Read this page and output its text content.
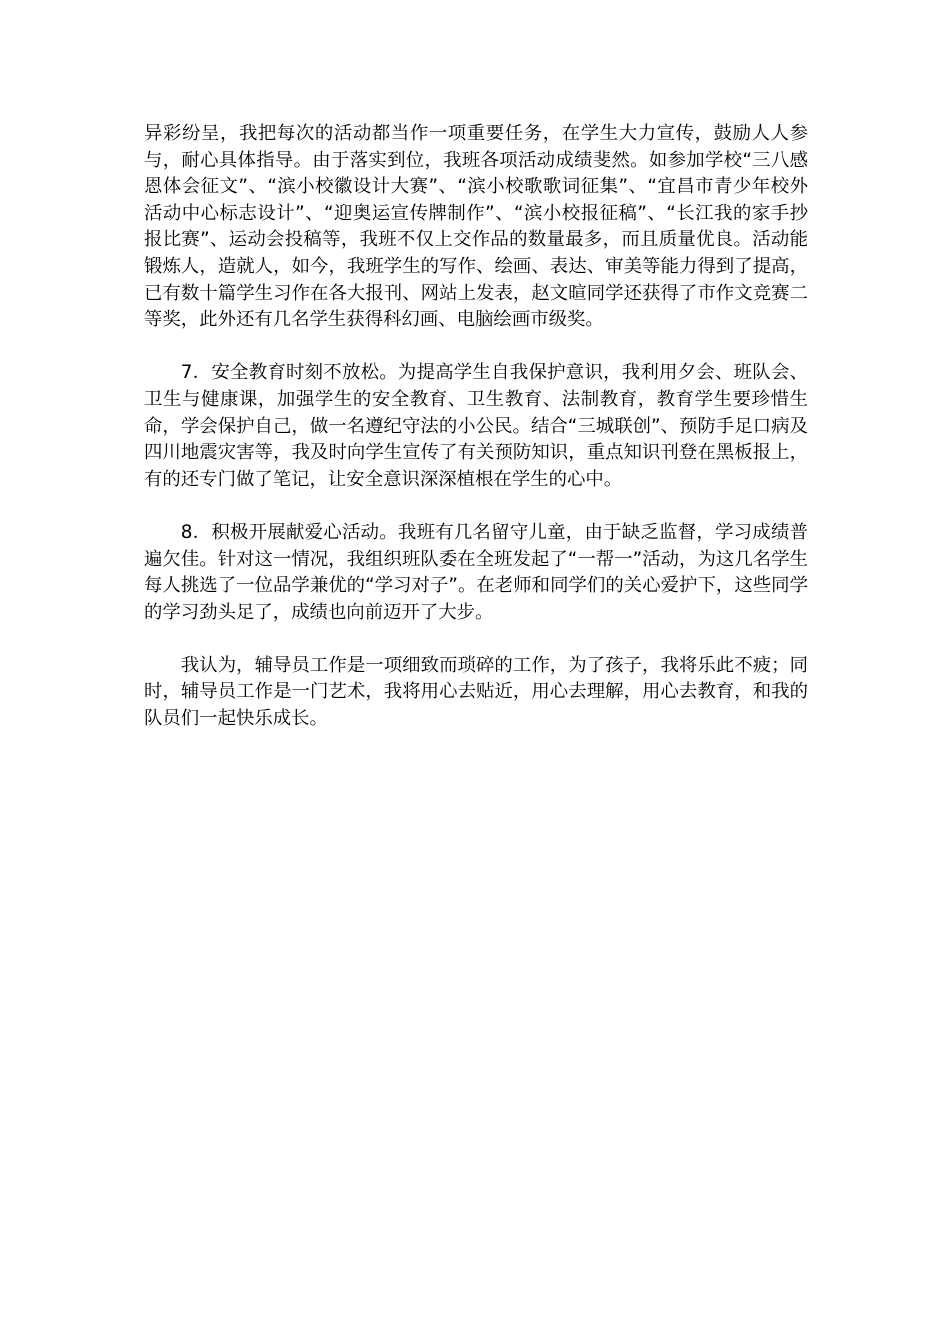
异彩纷呈，我把每次的活动都当作一项重要任务，在学生大力宣传，鼓励人人参与，耐心具体指导。由于落实到位，我班各项活动成绩斐然。如参加学校“三八感恩体会征文”、“滨小校徽设计大赛”、“滨小校歌歌词征集”、“宜昌市青少年校外活动中心标志设计”、“迎奥运宣传牌制作”、“滨小校报征稿”、“长江我的家手抄报比赛”、运动会投稿等，我班不仅上交作品的数量最多，而且质量优良。活动能锻炼人，造就人，如今，我班学生的写作、绘画、表达、审美等能力得到了提高，已有数十篇学生习作在各大报刊、网站上发表，赵文暄同学还获得了市作文竞赛二等奖，此外还有几名学生获得科幻画、电脑绘画市级奖。

7．安全教育时刻不放松。为提高学生自我保护意识，我利用夕会、班队会、卫生与健康课，加强学生的安全教育、卫生教育、法制教育，教育学生要珍惜生命，学会保护自己，做一名遵纪守法的小公民。结合“三城联创”、预防手足口病及四川地震灾害等，我及时向学生宣传了有关预防知识，重点知识刊登在黑板报上，有的还专门做了笔记，让安全意识深深植根在学生的心中。

8．积极开展献爱心活动。我班有几名留守儿童，由于缺乏监督，学习成绩普遍欠佳。针对这一情况，我组织班队委在全班发起了“一帮一”活动，为这几名学生每人挑选了一位品学兼优的“学习对子”。在老师和同学们的关心爱护下，这些同学的学习劲头足了，成绩也向前迈开了大步。

我认为，辅导员工作是一项细致而琐碎的工作，为了孩子，我将乐此不疲；同时，辅导员工作是一门艺术，我将用心去贴近，用心去理解，用心去教育，和我的队员们一起快乐成长。
